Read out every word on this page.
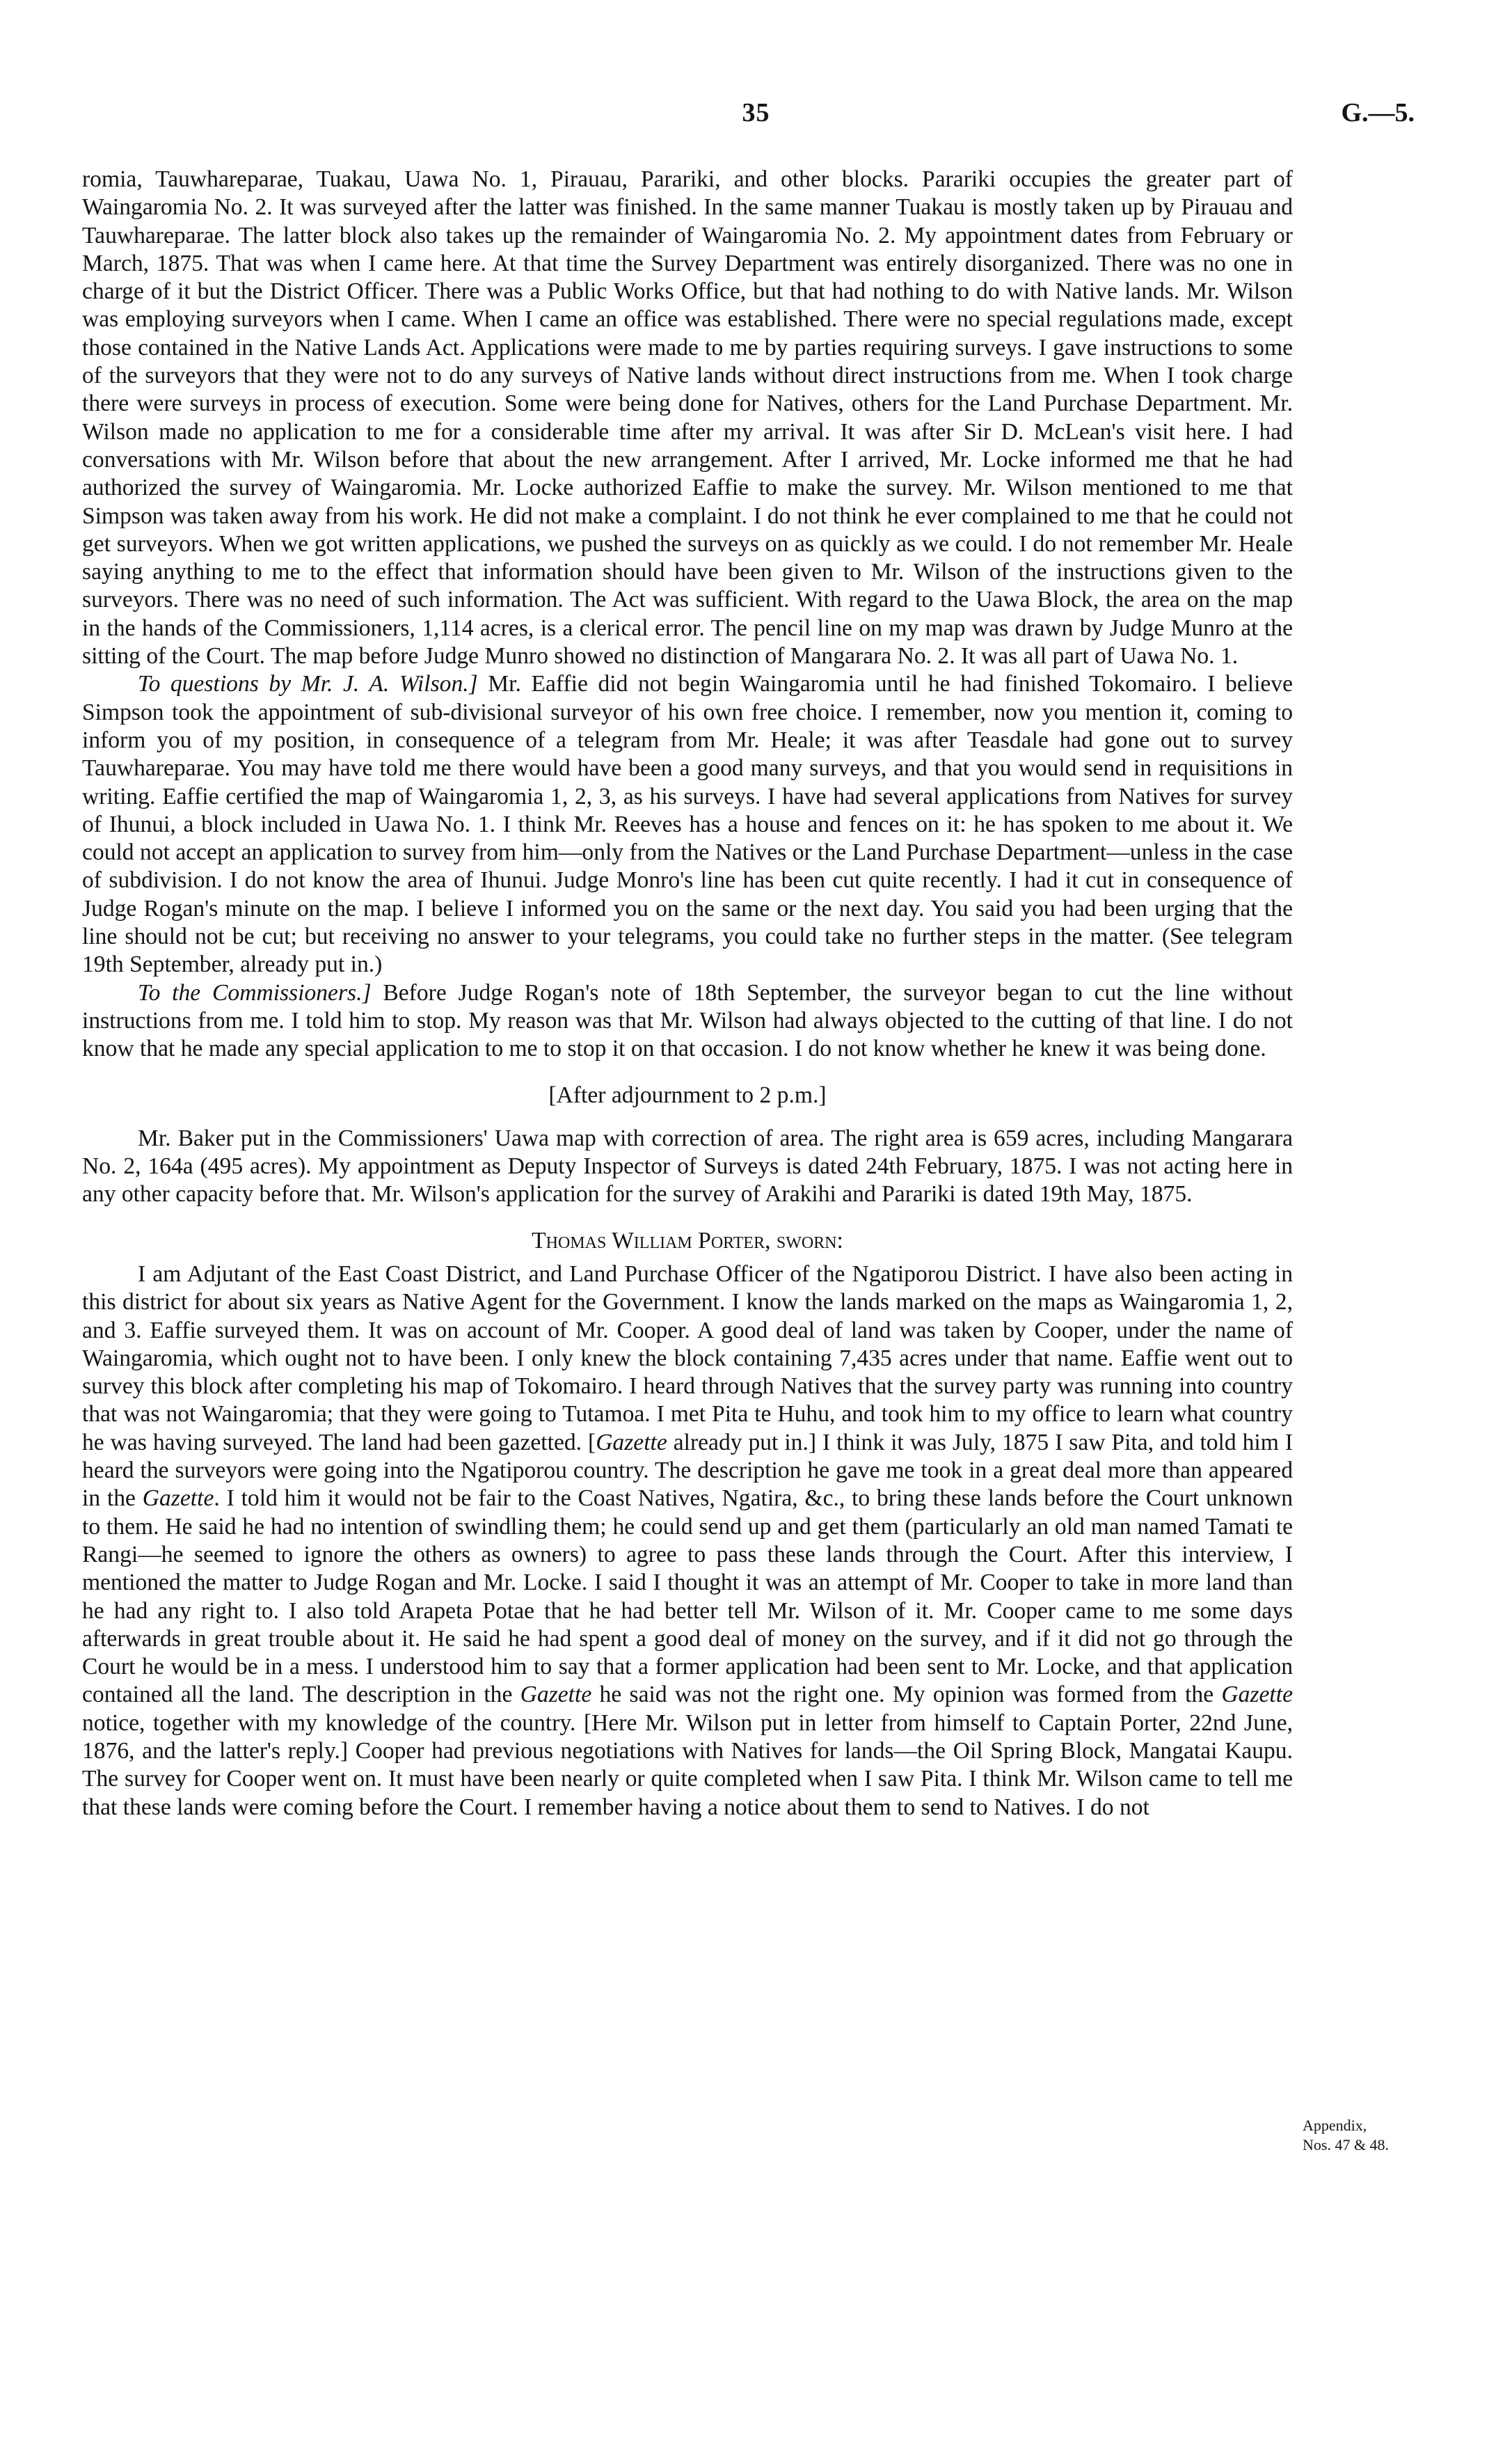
35	G.—5.

romia, Tauwhareparae, Tuakau, Uawa No. 1, Pirauau, Parariki, and other blocks. Parariki occupies the greater part of Waingaromia No. 2. It was surveyed after the latter was finished. In the same manner Tuakau is mostly taken up by Pirauau and Tauwhareparae. The latter block also takes up the remainder of Waingaromia No. 2. My appointment dates from February or March, 1875. That was when I came here. At that time the Survey Department was entirely disorganized. There was no one in charge of it but the District Officer. There was a Public Works Office, but that had nothing to do with Native lands. Mr. Wilson was employing surveyors when I came. When I came an office was established. There were no special regulations made, except those contained in the Native Lands Act. Applications were made to me by parties requiring surveys. I gave instructions to some of the surveyors that they were not to do any surveys of Native lands without direct instructions from me. When I took charge there were surveys in process of execution. Some were being done for Natives, others for the Land Purchase Department. Mr. Wilson made no application to me for a considerable time after my arrival. It was after Sir D. McLean's visit here. I had conversations with Mr. Wilson before that about the new arrangement. After I arrived, Mr. Locke informed me that he had authorized the survey of Waingaromia. Mr. Locke authorized Eaffie to make the survey. Mr. Wilson mentioned to me that Simpson was taken away from his work. He did not make a complaint. I do not think he ever complained to me that he could not get surveyors. When we got written applications, we pushed the surveys on as quickly as we could. I do not remember Mr. Heale saying anything to me to the effect that information should have been given to Mr. Wilson of the instructions given to the surveyors. There was no need of such information. The Act was sufficient. With regard to the Uawa Block, the area on the map in the hands of the Commissioners, 1,114 acres, is a clerical error. The pencil line on my map was drawn by Judge Munro at the sitting of the Court. The map before Judge Munro showed no distinction of Mangarara No. 2. It was all part of Uawa No. 1.

To questions by Mr. J. A. Wilson.] Mr. Eaffie did not begin Waingaromia until he had finished Tokomairo. I believe Simpson took the appointment of sub-divisional surveyor of his own free choice. I remember, now you mention it, coming to inform you of my position, in consequence of a telegram from Mr. Heale; it was after Teasdale had gone out to survey Tauwhareparae. You may have told me there would have been a good many surveys, and that you would send in requisitions in writing. Eaffie certified the map of Waingaromia 1, 2, 3, as his surveys. I have had several applications from Natives for survey of Ihunui, a block included in Uawa No. 1. I think Mr. Reeves has a house and fences on it: he has spoken to me about it. We could not accept an application to survey from him—only from the Natives or the Land Purchase Department—unless in the case of subdivision. I do not know the area of Ihunui. Judge Monro's line has been cut quite recently. I had it cut in consequence of Judge Rogan's minute on the map. I believe I informed you on the same or the next day. You said you had been urging that the line should not be cut; but receiving no answer to your telegrams, you could take no further steps in the matter. (See telegram 19th September, already put in.)

To the Commissioners.] Before Judge Rogan's note of 18th September, the surveyor began to cut the line without instructions from me. I told him to stop. My reason was that Mr. Wilson had always objected to the cutting of that line. I do not know that he made any special application to me to stop it on that occasion. I do not know whether he knew it was being done.

[After adjournment to 2 p.m.]

Mr. Baker put in the Commissioners' Uawa map with correction of area. The right area is 659 acres, including Mangarara No. 2, 164a (495 acres). My appointment as Deputy Inspector of Surveys is dated 24th February, 1875. I was not acting here in any other capacity before that. Mr. Wilson's application for the survey of Arakihi and Parariki is dated 19th May, 1875.

Thomas William Porter, sworn:

I am Adjutant of the East Coast District, and Land Purchase Officer of the Ngatiporou District. I have also been acting in this district for about six years as Native Agent for the Government. I know the lands marked on the maps as Waingaromia 1, 2, and 3. Eaffie surveyed them. It was on account of Mr. Cooper. A good deal of land was taken by Cooper, under the name of Waingaromia, which ought not to have been. I only knew the block containing 7,435 acres under that name. Eaffie went out to survey this block after completing his map of Tokomairo. I heard through Natives that the survey party was running into country that was not Waingaromia; that they were going to Tutamoa. I met Pita te Huhu, and took him to my office to learn what country he was having surveyed. The land had been gazetted. [Gazette already put in.] I think it was July, 1875 I saw Pita, and told him I heard the surveyors were going into the Ngatiporou country. The description he gave me took in a great deal more than appeared in the Gazette. I told him it would not be fair to the Coast Natives, Ngatira, &c., to bring these lands before the Court unknown to them. He said he had no intention of swindling them; he could send up and get them (particularly an old man named Tamati te Rangi—he seemed to ignore the others as owners) to agree to pass these lands through the Court. After this interview, I mentioned the matter to Judge Rogan and Mr. Locke. I said I thought it was an attempt of Mr. Cooper to take in more land than he had any right to. I also told Arapeta Potae that he had better tell Mr. Wilson of it. Mr. Cooper came to me some days afterwards in great trouble about it. He said he had spent a good deal of money on the survey, and if it did not go through the Court he would be in a mess. I understood him to say that a former application had been sent to Mr. Locke, and that application contained all the land. The description in the Gazette he said was not the right one. My opinion was formed from the Gazette notice, together with my knowledge of the country. [Here Mr. Wilson put in letter from himself to Captain Porter, 22nd June, 1876, and the latter's reply.] Cooper had previous negotiations with Natives for lands—the Oil Spring Block, Mangatai Kaupu. The survey for Cooper went on. It must have been nearly or quite completed when I saw Pita. I think Mr. Wilson came to tell me that these lands were coming before the Court. I remember having a notice about them to send to Natives. I do not

Appendix,
Nos. 47 & 48.
